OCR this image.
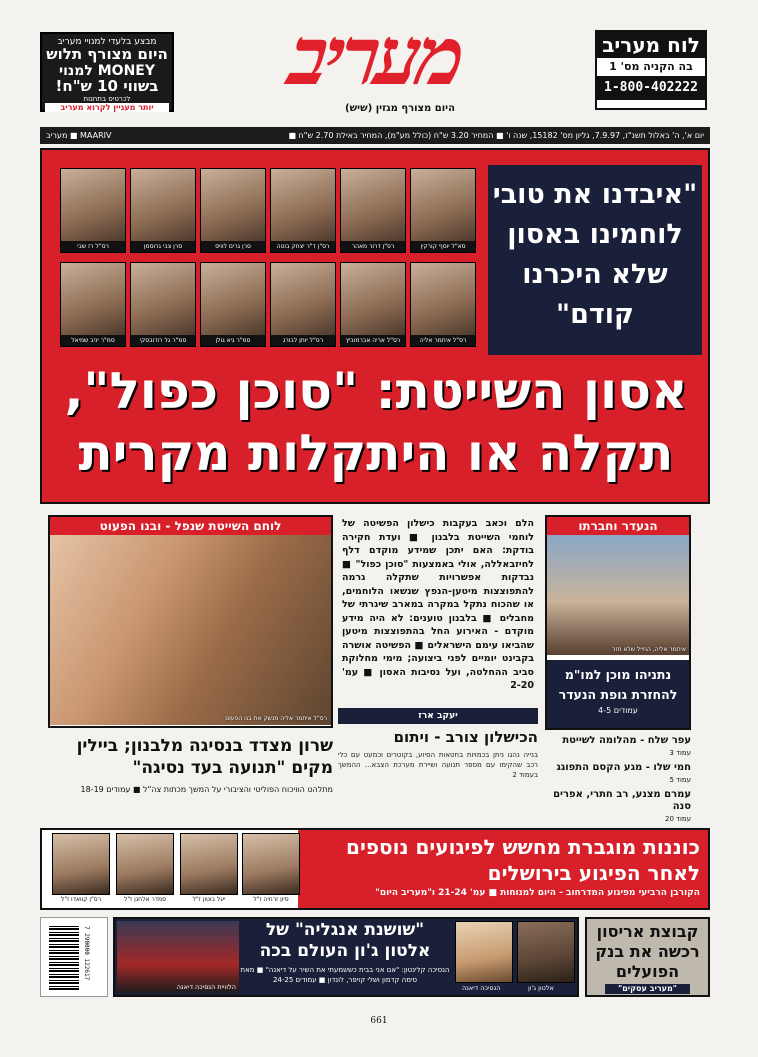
מבצע בלעדי למנויי מעריב
היום מצורף תלוש
MONEY למנוי
בשווי 10 ש"ח!
לכרטיס בתחנות
יותר מעניין לקרוא מעריב
מעריב
היום מצורף מגזין (שיש)
לוח מעריב
בה הקניה מס' 1
1-800-402222
יום א', ה' באלול תשנ"ז, 7.9.97, גליון מס' 15182, שנה ו' ■ המחיר 3.20 ש"ח (כולל מע"מ), המחיר באילת 2.70 ש"ח ■
MAARIV ■ מעריב
סא"ל יוסף קורקין
רס"ן דרור מאהר
רס"ן ד"ר יצחק בוטה
סרן גרים לוויס
סרן צבי גרוסמן
רס"ל רז שבי
רס"ל איתמר אליה
רס"ל אריה אברמוביץ
רס"ל יותן לבורג
סמ"ר גיא גולן
סמ"ר גל רודובסקי
סמ"ר יניב שמיאל
"איבדנו את טובי לוחמינו באסון שלא היכרנו קודם"
אסון השייטת: "סוכן כפול",
תקלה או היתקלות מקרית
לוחם השייטת שנפל - ובנו הפעוט
רס"ל איתמר אליה מנשק את בנו הפעוט
שרון מצדד בנסיגה מלבנון; ביילין מקים "תנועה בעד נסיגה"
מתלהט הוויכוח הפוליטי והציבורי על המשך מכתות צה"ל ■ עמודים 18-19
הלם וכאב בעקבות כישלון הפשיטה של לוחמי השייטת בלבנון ■ ועדת חקירה בודקת: האם יתכן שמידע מוקדם דלף לחיזבאללה, אולי באמצעות "סוכן כפול" ■ נבדקות אפשרויות שתקלה גרמה להתפוצצות מיטען-הנפץ שנשאו הלוחמים, או שהכוח נתקל במקרה במארב שיגרתי של מחבלים ■ בלבנון טוענים: לא היה מידע מוקדם - האירוע החל בהתפוצצות מיטען שהביאו עימם הישראלים ■ הפשיטה אושרה בקבינט יומיים לפני ביצועה; מימי מחלוקת סביב ההחלטה, ועל נסיבות האסון ■ עמ' 2-20
יעקב ארז
הכישלון צורב - ויתום
בנייה נהגו ניתן בכמויות בחטאות הסיוע, בקוטרים וכמעט עם כלי רכב שהקימו עם מספר תנועה ושיירת מערכת הצבא... ההמשך בעמוד 2
הנעדר וחברתו
איתמר אליה, החייל שלא חזר
נתניהו מוכן למו"מ להחזרת גופת הנעדר
עמודים 4-5
עפר שלח - מהלומה לשייטת
עמוד 3
חמי שלו - מגע הקסם התפוגג
עמוד 5
עמרם מצנע, רב חתרי, אפרים סנה
עמוד 20
כוננות מוגברת מחשש לפיגועים נוספים לאחר הפיגוע בירושלים
הקורבן הרביעי מפיגוע המדרחוב - היום למנוחות ■ עמ' 21-24 ו"מעריב היום"
רס"ן קוואדו ז"ל	סמדר אלחנן ז"ל	יעל בוטון ז"ל	סיון זרחיה ז"ל
7 290000 122617
הלוויית הנסיכה דיאנה
"שושנת אנגליה" של אלטון ג'ון העולם בכה
הנסיכה קלינטון: "אם אני בבית כששמעתי את השיר על דיאנה" ■ מאת סימה קדמון ושלי קויפר, לונדון ■ עמודים 24-25
הנסיכה דיאנה	אלטון ג'ון
קבוצת אריסון רכשה את בנק הפועלים
"מעריב עסקים"
661
